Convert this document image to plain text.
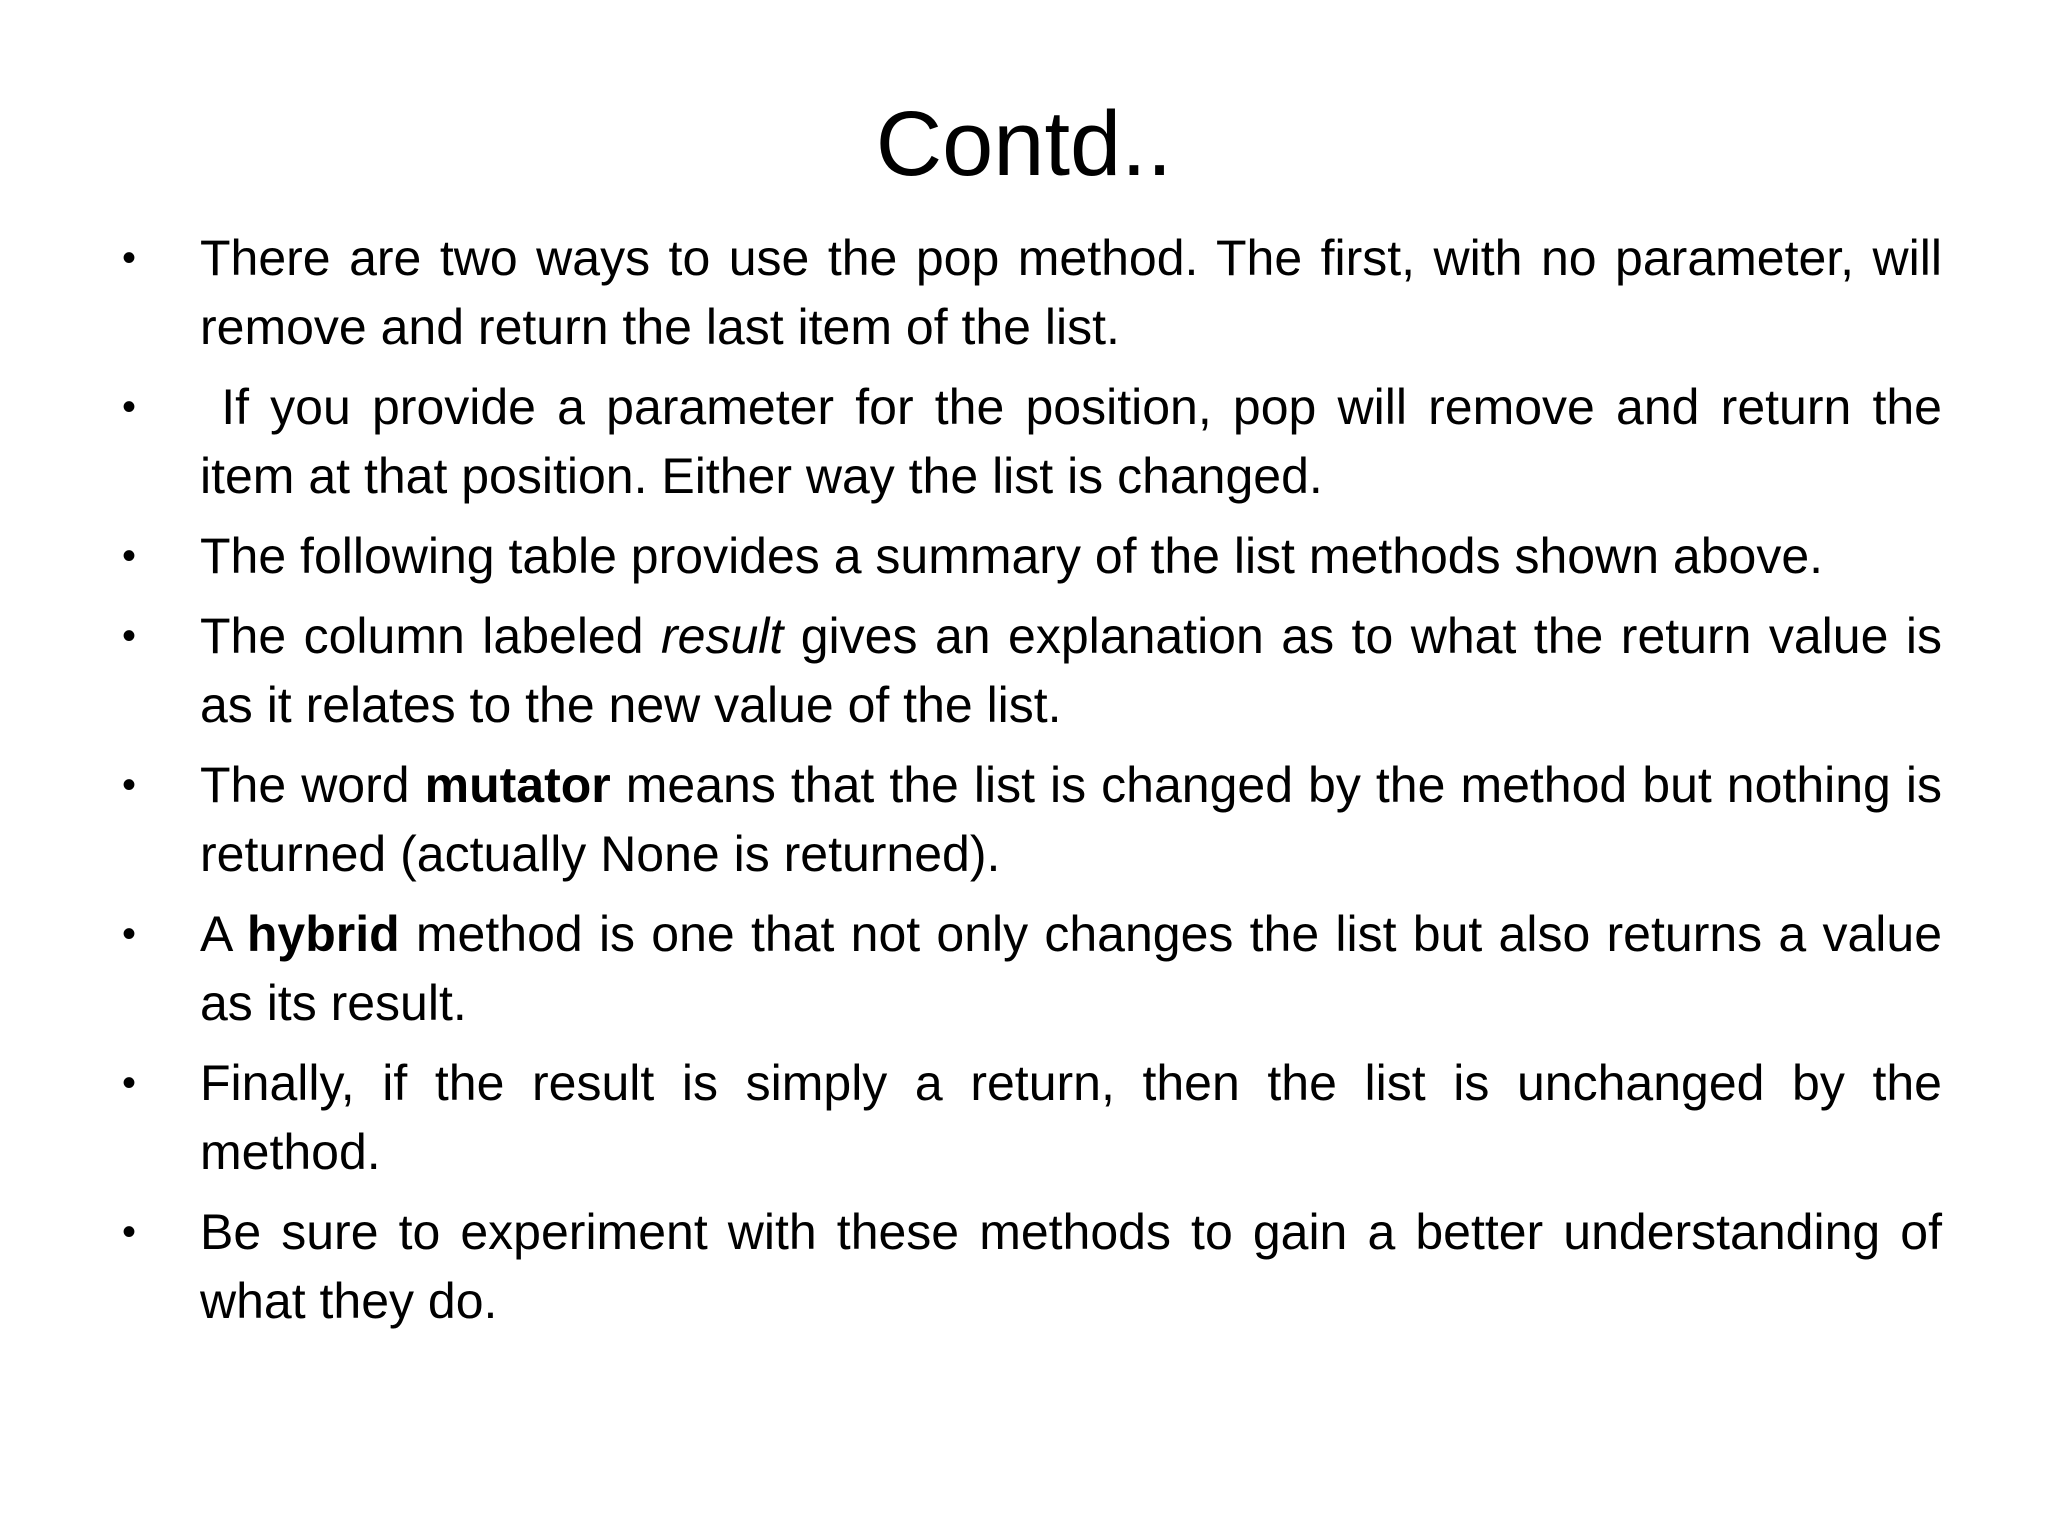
Contd..
•	There are two ways to use the pop method. The first, with no parameter, will remove and return the last item of the list.
•	If you provide a parameter for the position, pop will remove and return the item at that position. Either way the list is changed.
•	The following table provides a summary of the list methods shown above.
•	The column labeled result gives an explanation as to what the return value is as it relates to the new value of the list.
•	The word mutator means that the list is changed by the method but nothing is returned (actually None is returned).
•	A hybrid method is one that not only changes the list but also returns a value as its result.
•	Finally, if the result is simply a return, then the list is unchanged by the method.
•	Be sure to experiment with these methods to gain a better understanding of what they do.
